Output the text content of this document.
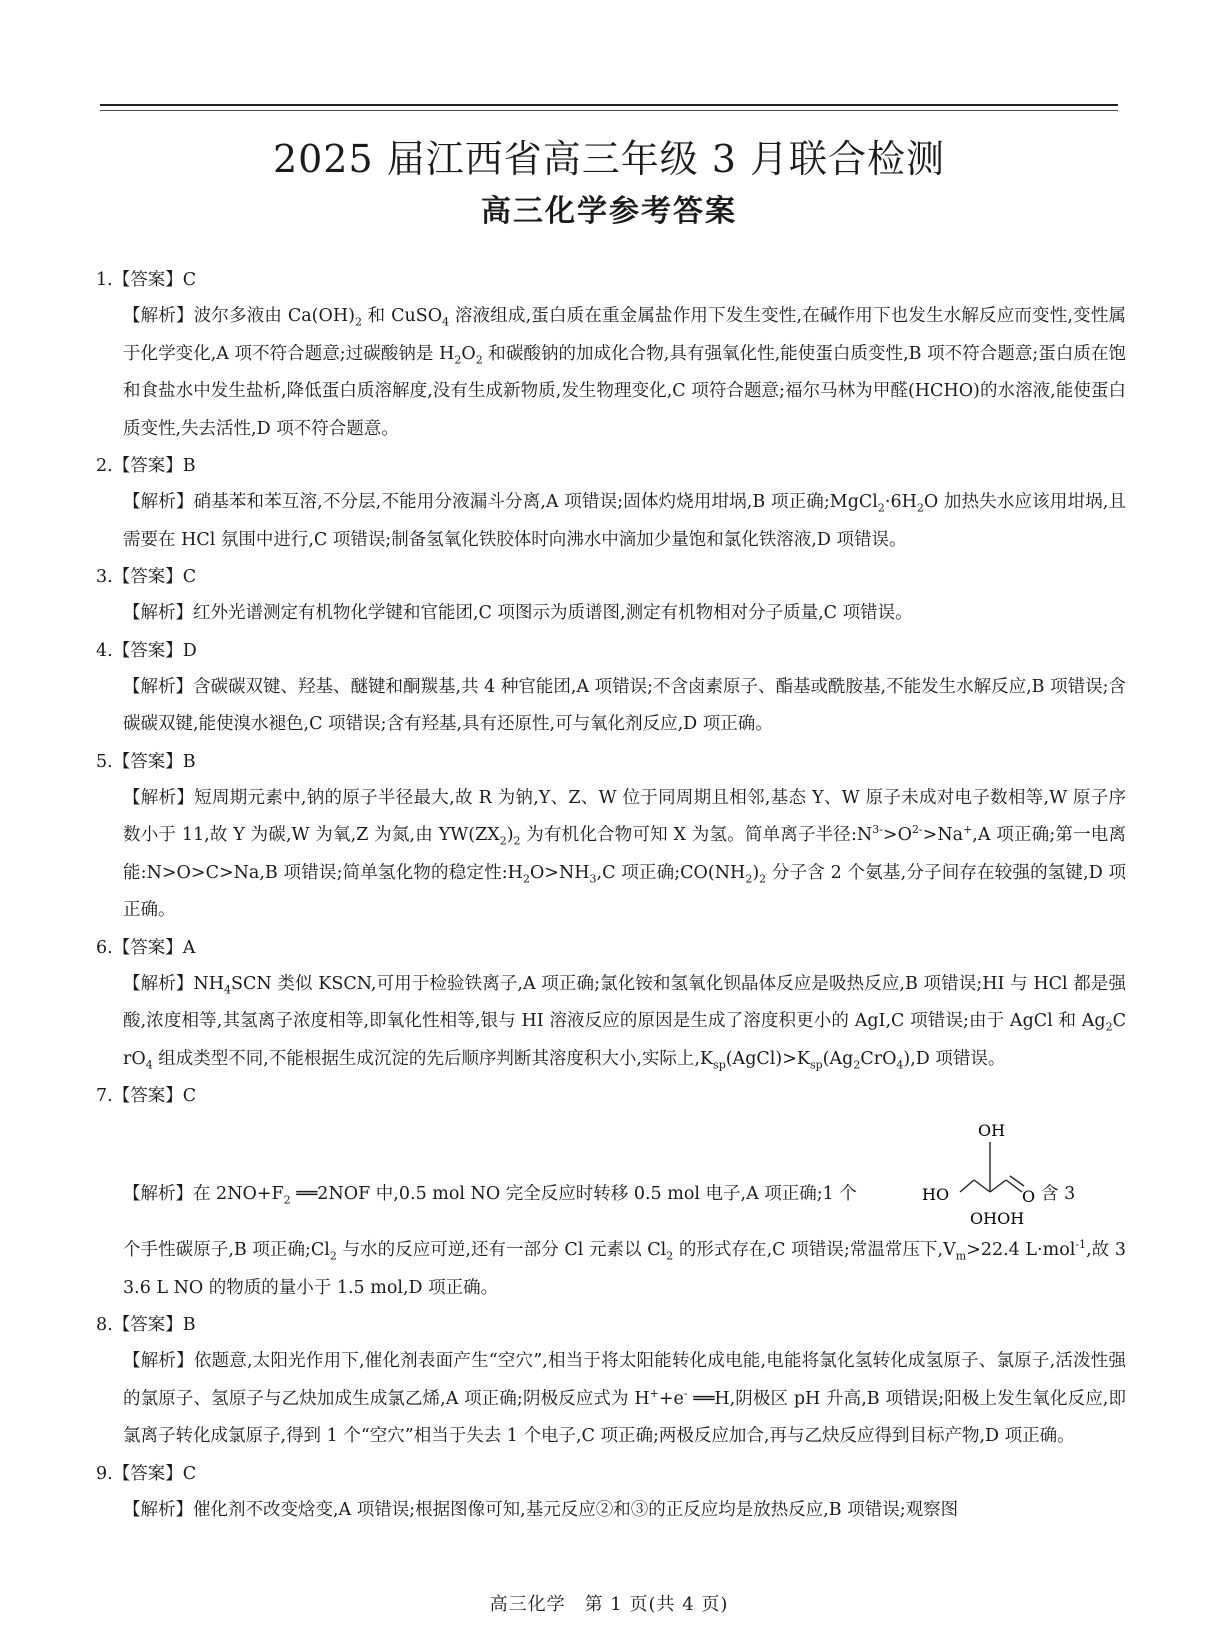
2025 届江西省高三年级 3 月联合检测
高三化学参考答案
1.【答案】C
【解析】波尔多液由 $Ca(OH)_2$ 和 CuSO$_4$ 溶液组成,蛋白质在重金属盐作用下发生变性,在碱作用下也发生水解反应而变性,变性属于化学变化,A 项不符合题意;过碳酸钠是 $H_2O_2$ 和碳酸钠的加成化合物,具有强氧化性,能使蛋白质变性,B 项不符合题意;蛋白质在饱和食盐水中发生盐析,降低蛋白质溶解度,没有生成新物质,发生物理变化,C 项符合题意;福尔马林为甲醛(HCHO)的水溶液,能使蛋白质变性,失去活性,D 项不符合题意。
2.【答案】B
【解析】硝基苯和苯互溶,不分层,不能用分液漏斗分离,A 项错误;固体灼烧用坩埚,B 项正确$;MgCl_2\cdot 6H_2O$ 加热失水应该用坩埚,且需要在 HCl 氛围中进行,C 项错误;制备氢氧化铁胶体时向沸水中滴加少量饱和氯化铁溶液,D 项错误。
3.【答案】C
【解析】红外光谱测定有机物化学键和官能团,C 项图示为质谱图,测定有机物相对分子质量,C 项错误。
4.【答案】D
【解析】含碳碳双键、羟基、醚键和酮羰基,共 4 种官能团,A 项错误;不含卤素原子、酯基或酰胺基,不能发生水解反应,B 项错误;含碳碳双键,能使溴水褪色,C 项错误;含有羟基,具有还原性,可与氧化剂反应,D 项正确。
5.【答案】B
【解析】短周期元素中,钠的原子半径最大,故 R 为钠,Y、Z、W 位于同周期且相邻,基态 Y、W 原子未成对电子数相等,W 原子序数小于 11,故 Y 为碳,W 为氧,Z 为氮,由 $YW(ZX_2)_2$ 为有机化合物可知 X 为氢。简单离子半径$:N^{3-}>O^{2-}>Na^+,A$ 项正确;第一电离能:N>O>C>Na,B 项错误;简单氢化物的稳定性$:H_2O>NH_3,C$ 项正确$;CO(NH_2)_2$ 分子含 2 个氨基,分子间存在较强的氢键,D 项正确。
6.【答案】A
【解析】$NH_4SCN$ 类似 KSCN,可用于检验铁离子,A 项正确;氯化铵和氢氧化钡晶体反应是吸热反应,B 项错误;HI 与 HCl 都是强酸,浓度相等,其氢离子浓度相等,即氧化性相等,银与 HI 溶液反应的原因是生成了溶度积更小的 AgI,C 项错误;由于 AgCl 和 $Ag_2CrO_4$ 组成类型不同,不能根据生成沉淀的先后顺序判断其溶度积大小,实际上$,K_{sp}(AgCl)>K_{sp}(Ag_2CrO_4),D$ 项错误。
7.【答案】C
【解析】在 $2NO+F_2$ ══2NOF 中,0.5 mol NO 完全反应时转移 0.5 mol 电子,A 项正确;1 个
OH
HO
OHOH
O 含 3
个手性碳原子,B 项正确$;Cl_2$ 与水的反应可逆,还有一部分 Cl 元素以 $Cl_2$ 的形式存在,C 项错误;常温常压下$,V_m>22.4$ L·mol$^{-1}$,故 33.6 L NO 的物质的量小于 1.5 mol,D 项正确。
8.【答案】B
【解析】依题意,太阳光作用下,催化剂表面产生“空穴”,相当于将太阳能转化成电能,电能将氯化氢转化成氢原子、氯原子,活泼性强的氯原子、氢原子与乙炔加成生成氯乙烯,A 项正确;阴极反应式为 H++e- ══H,阴极区 pH 升高,B 项错误;阳极上发生氧化反应,即氯离子转化成氯原子,得到 1 个“空穴”相当于失去 1 个电子,C 项正确;两极反应加合,再与乙炔反应得到目标产物,D 项正确。
9.【答案】C
【解析】催化剂不改变焓变,A 项错误;根据图像可知,基元反应②和③的正反应均是放热反应,B 项错误;观察图
高三化学　第 1 页(共 4 页)
